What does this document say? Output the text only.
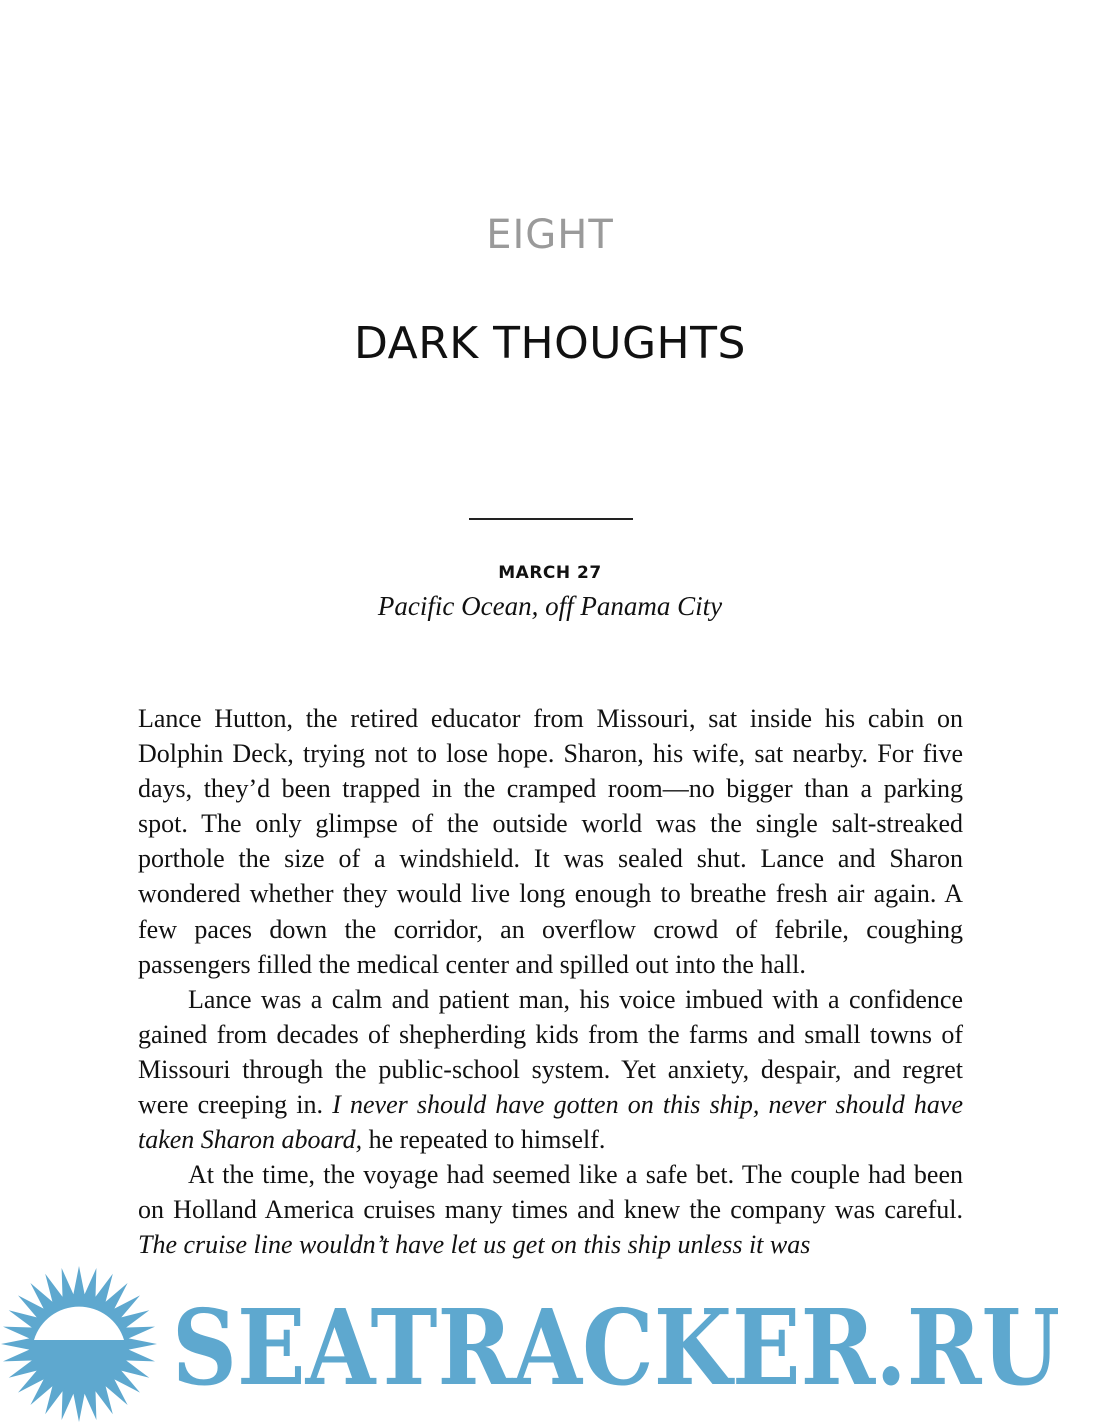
EIGHT
DARK THOUGHTS
MARCH 27
Pacific Ocean, off Panama City

Lance Hutton, the retired educator from Missouri, sat inside his cabin on Dolphin Deck, trying not to lose hope. Sharon, his wife, sat nearby. For five days, they’d been trapped in the cramped room—no bigger than a parking spot. The only glimpse of the outside world was the single salt-streaked porthole the size of a windshield. It was sealed shut. Lance and Sharon wondered whether they would live long enough to breathe fresh air again. A few paces down the corridor, an overflow crowd of febrile, coughing passengers filled the medical center and spilled out into the hall.

Lance was a calm and patient man, his voice imbued with a confidence gained from decades of shepherding kids from the farms and small towns of Missouri through the public-school system. Yet anxiety, despair, and regret were creeping in. I never should have gotten on this ship, never should have taken Sharon aboard, he repeated to himself.

At the time, the voyage had seemed like a safe bet. The couple had been on Holland America cruises many times and knew the company was careful. The cruise line wouldn’t have let us get on this ship unless it was

SEATRACKER.RU
